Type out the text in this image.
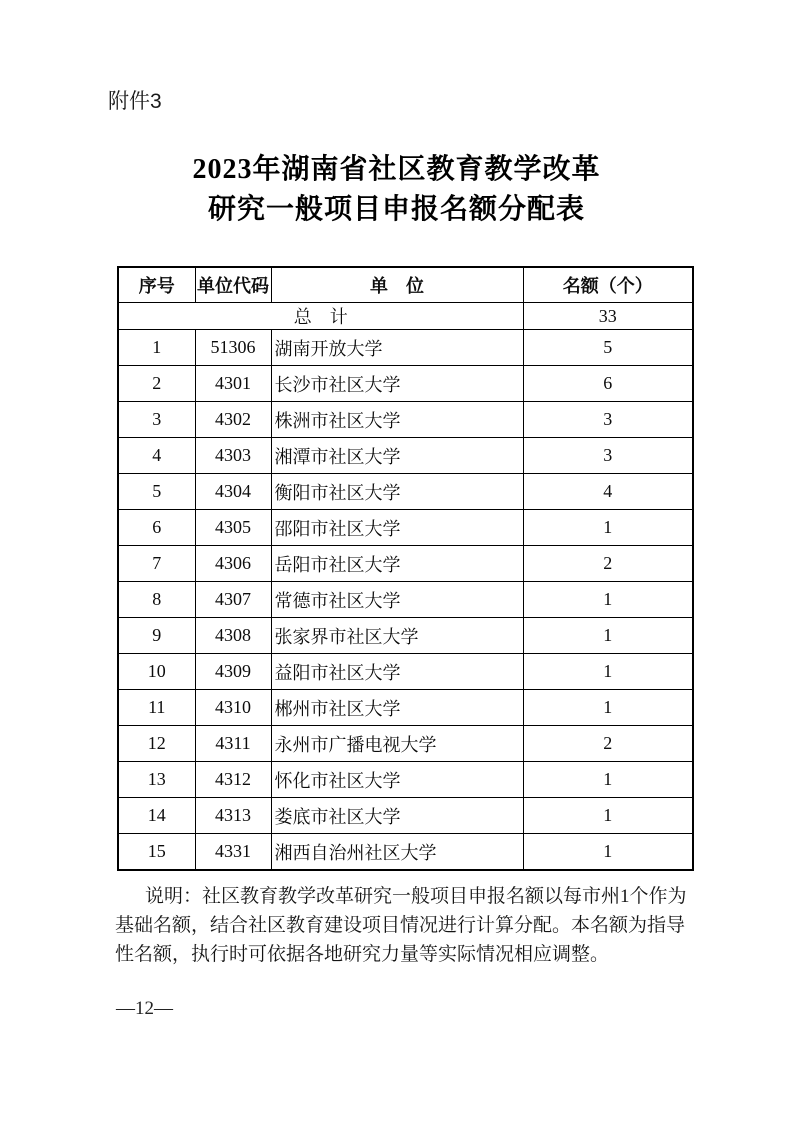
附件3
2023年湖南省社区教育教学改革
研究一般项目申报名额分配表
序号	单位代码	单　位	名额（个）
总　计			33
1	51306	湖南开放大学	5
2	4301	长沙市社区大学	6
3	4302	株洲市社区大学	3
4	4303	湘潭市社区大学	3
5	4304	衡阳市社区大学	4
6	4305	邵阳市社区大学	1
7	4306	岳阳市社区大学	2
8	4307	常德市社区大学	1
9	4308	张家界市社区大学	1
10	4309	益阳市社区大学	1
11	4310	郴州市社区大学	1
12	4311	永州市广播电视大学	2
13	4312	怀化市社区大学	1
14	4313	娄底市社区大学	1
15	4331	湘西自治州社区大学	1

说明：社区教育教学改革研究一般项目申报名额以每市州1个作为

基础名额，结合社区教育建设项目情况进行计算分配。本名额为指导

性名额，执行时可依据各地研究力量等实际情况相应调整。

—12—
